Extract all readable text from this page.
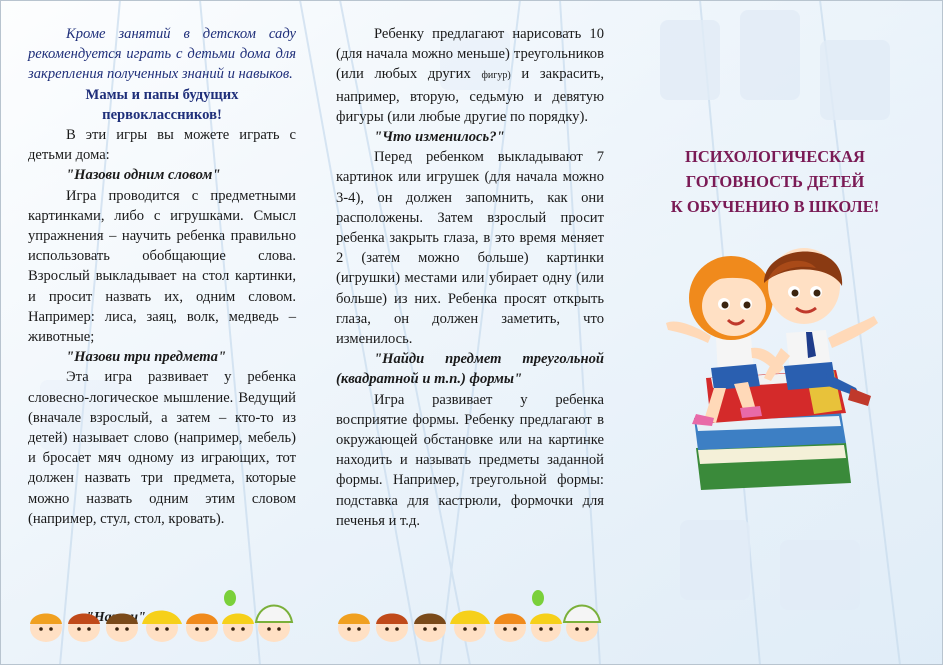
Кроме занятий в детском саду рекомендуется играть с детьми дома для закрепления полученных знаний и навыков.

Мамы и папы будущих

первоклассников!

В эти игры вы можете играть с детьми дома:

"Назови одним словом"

Игра проводится с предметными картинками, либо с игрушками. Смысл упражнения – научить ребенка правильно использовать обобщающие слова. Взрослый выкладывает на стол картинки, и просит назвать их, одним словом. Например: лиса, заяц, волк, медведь – животные;

"Назови три предмета"

Эта игра развивает у ребенка словесно-логическое мышление. Ведущий (вначале взрослый, а затем – кто-то из детей) называет слово (например, мебель) и бросает мяч одному из играющих, тот должен назвать три предмета, которые можно назвать одним этим словом (например, стул, стол, кровать).

Ребенку предлагают нарисовать 10 (для начала можно меньше) треугольников (или любых других фигур) и закрасить, например, вторую, седьмую и девятую фигуры (или любые другие по порядку).

"Что изменилось?"

Перед ребенком выкладывают 7 картинок или игрушек (для начала можно 3-4), он должен запомнить, как они расположены. Затем взрослый просит ребенка закрыть глаза, в это время меняет 2 (затем можно больше) картинки (игрушки) местами или убирает одну (или больше) из них. Ребенка просят открыть глаза, он должен заметить, что изменилось.

"Найди предмет треугольной (квадратной и т.п.) формы"

Игра развивает у ребенка восприятие формы. Ребенку предлагают в окружающей обстановке или на картинке находить и называть предметы заданной формы. Например, треугольной формы: подставка для кастрюли, формочки для печенья и т.д.

ПСИХОЛОГИЧЕСКАЯ
ГОТОВНОСТЬ ДЕТЕЙ
К ОБУЧЕНИЮ В ШКОЛЕ!
